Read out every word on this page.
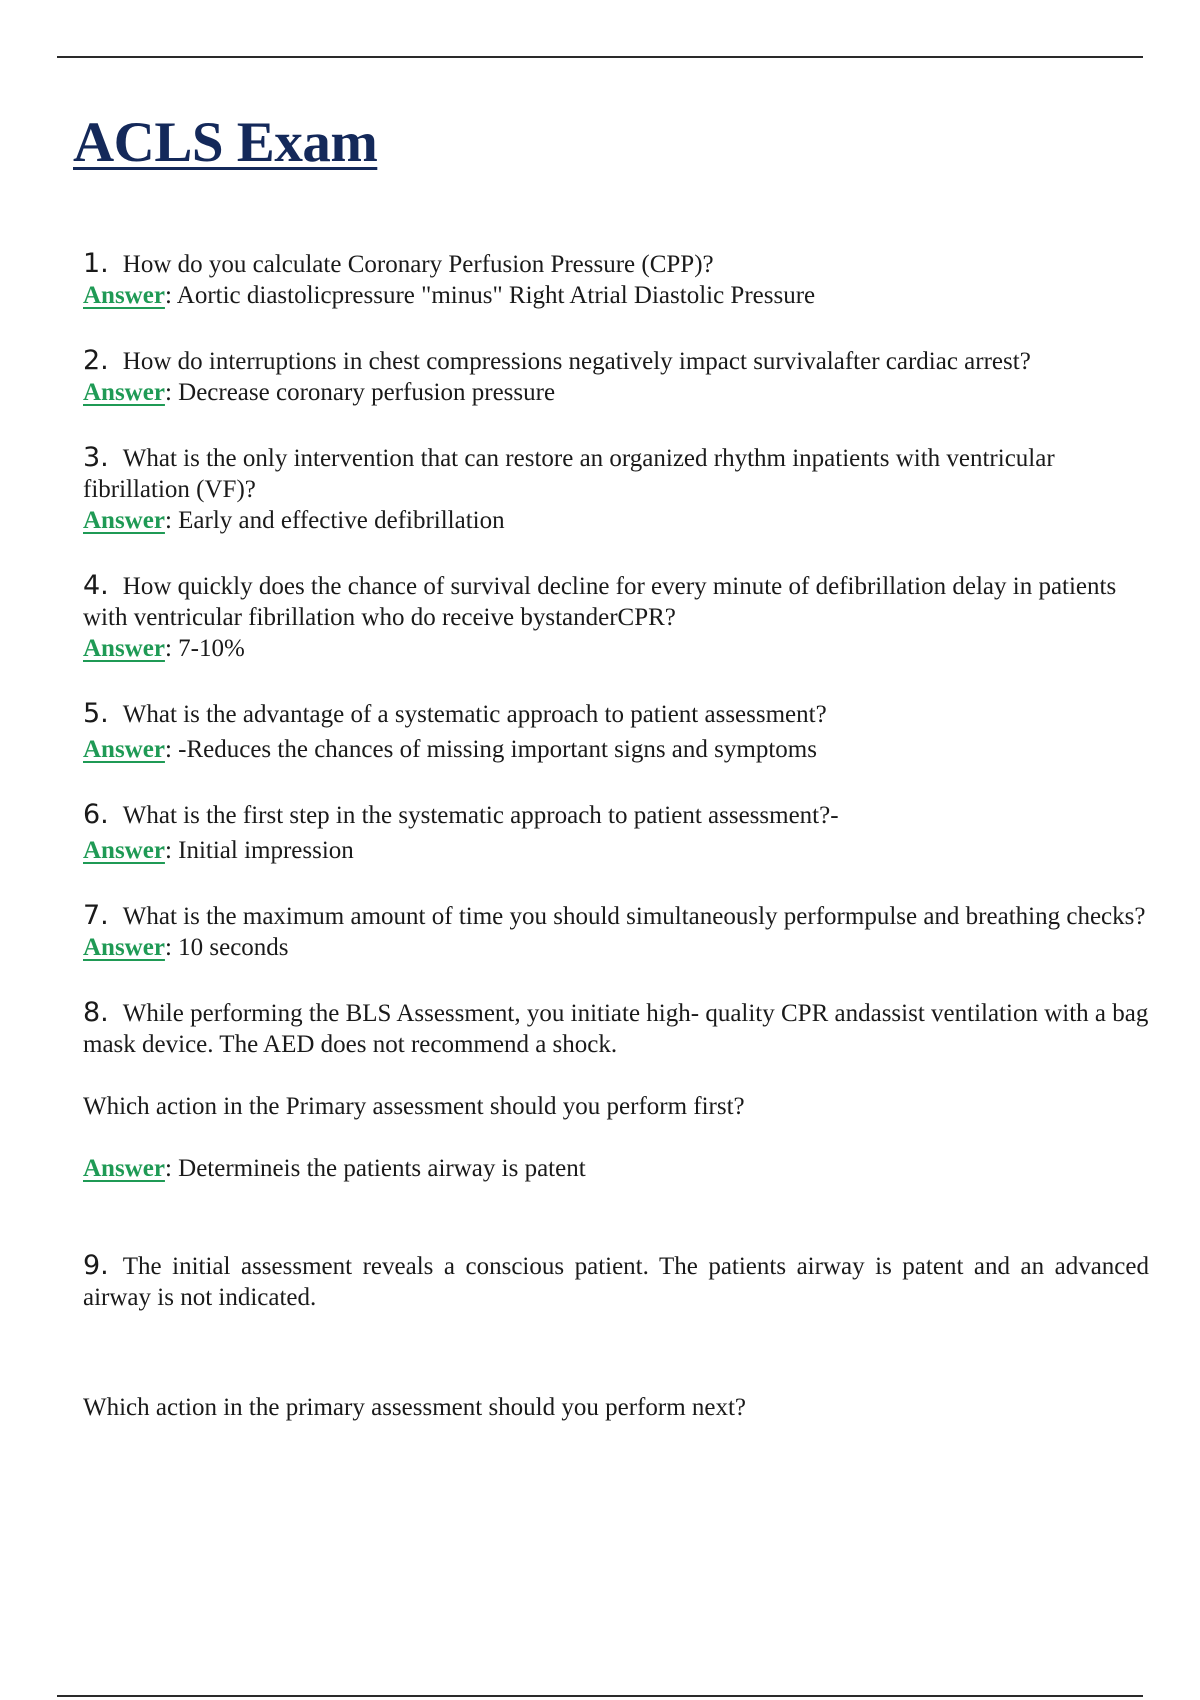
ACLS Exam

1. How do you calculate Coronary Perfusion Pressure (CPP)?

Answer: Aortic diastolicpressure "minus" Right Atrial Diastolic Pressure

2. How do interruptions in chest compressions negatively impact survivalafter cardiac arrest?

Answer: Decrease coronary perfusion pressure

3. What is the only intervention that can restore an organized rhythm inpatients with ventricular fibrillation (VF)?

Answer: Early and effective defibrillation

4. How quickly does the chance of survival decline for every minute of defibrillation delay in patients with ventricular fibrillation who do receive bystanderCPR?

Answer: 7-10%

5. What is the advantage of a systematic approach to patient assessment?

Answer: -Reduces the chances of missing important signs and symptoms

6. What is the first step in the systematic approach to patient assessment?-

Answer: Initial impression

7. What is the maximum amount of time you should simultaneously performpulse and breathing checks?

Answer: 10 seconds

8. While performing the BLS Assessment, you initiate high- quality CPR andassist ventilation with a bag mask device. The AED does not recommend a shock.

Which action in the Primary assessment should you perform first?

Answer: Determineis the patients airway is patent

9. The initial assessment reveals a conscious patient. The patients airway is patent and an advanced airway is not indicated.

Which action in the primary assessment should you perform next?
